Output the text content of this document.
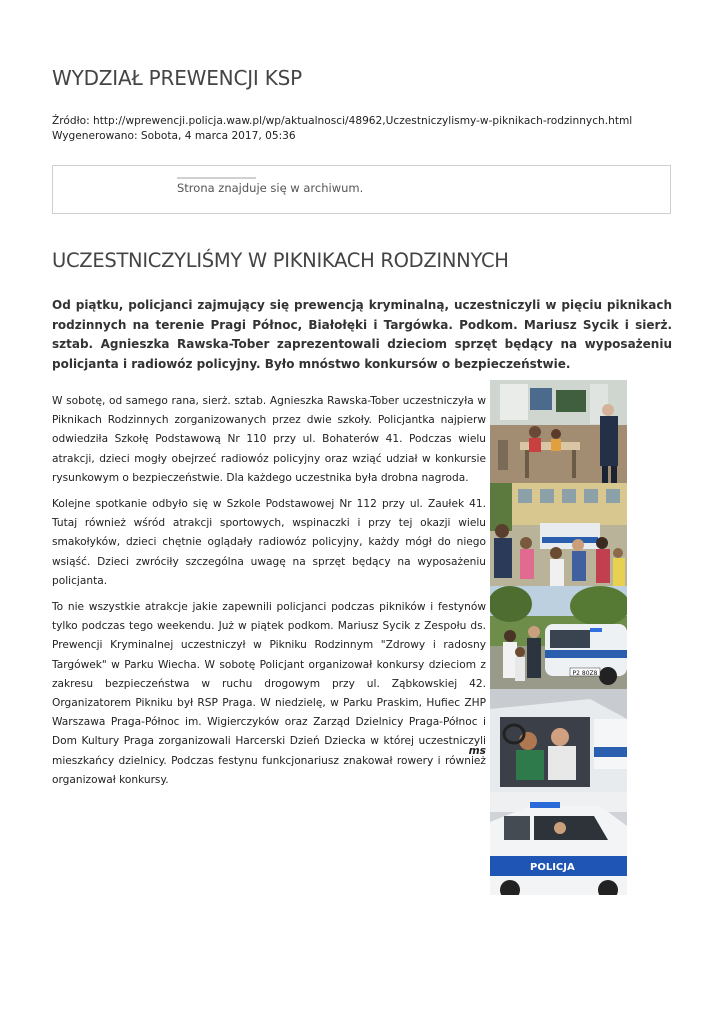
WYDZIAŁ PREWENCJI KSP
Źródło: http://wprewencji.policja.waw.pl/wp/aktualnosci/48962,Uczestniczylismy-w-piknikach-rodzinnych.html
Wygenerowano: Sobota, 4 marca 2017, 05:36
Strona znajduje się w archiwum.
UCZESTNICZYLIŚMY W PIKNIKACH RODZINNYCH

Od piątku, policjanci zajmujący się prewencją kryminalną, uczestniczyli w pięciu piknikach rodzinnych na terenie Pragi Północ, Białołęki i Targówka. Podkom. Mariusz Sycik i sierż. sztab. Agnieszka Rawska-Tober zaprezentowali dzieciom sprzęt będący na wyposażeniu policjanta i radiowóz policyjny. Było mnóstwo konkursów o bezpieczeństwie.

W sobotę, od samego rana, sierż. sztab. Agnieszka Rawska-Tober uczestniczyła w Piknikach Rodzinnych zorganizowanych przez dwie szkoły. Policjantka najpierw odwiedziła Szkołę Podstawową Nr 110 przy ul. Bohaterów 41. Podczas wielu atrakcji, dzieci mogły obejrzeć radiowóz policyjny oraz wziąć udział w konkursie rysunkowym o bezpieczeństwie. Dla każdego uczestnika była drobna nagroda.

Kolejne spotkanie odbyło się w Szkole Podstawowej Nr 112 przy ul. Zaułek 41. Tutaj również wśród atrakcji sportowych, wspinaczki i przy tej okazji wielu smakołyków, dzieci chętnie oglądały radiowóz policyjny, każdy mógł do niego wsiąść. Dzieci zwróciły szczególna uwagę na sprzęt będący na wyposażeniu policjanta.

To nie wszystkie atrakcje jakie zapewnili policjanci podczas pikników i festynów tylko podczas tego weekendu. Już w piątek podkom. Mariusz Sycik z Zespołu ds. Prewencji Kryminalnej uczestniczył w Pikniku Rodzinnym "Zdrowy i radosny Targówek" w Parku Wiecha. W sobotę Policjant organizował konkursy dzieciom z zakresu bezpieczeństwa w ruchu drogowym przy ul. Ząbkowskiej 42. Organizatorem Pikniku był RSP Praga. W niedzielę, w Parku Praskim, Hufiec ZHP Warszawa Praga-Północ im. Wigierczyków oraz Zarząd Dzielnicy Praga-Północ i Dom Kultury Praga zorganizowali Harcerski Dzień Dziecka w której uczestniczyli mieszkańcy dzielnicy. Podczas festynu funkcjonariusz znakował rowery i również organizował konkursy.

ms
P2 80Z8
POLICJA
